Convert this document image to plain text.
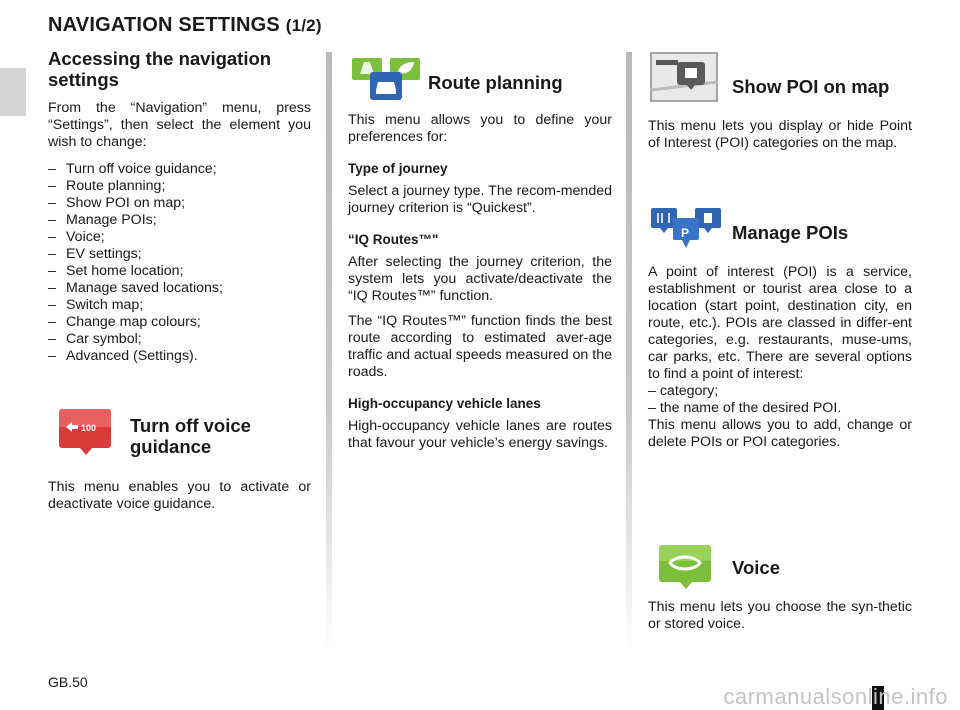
NAVIGATION SETTINGS (1/2)
Accessing the navigation settings

From the “Navigation” menu, press “Settings”, then select the element you wish to change:

– Turn off voice guidance;
– Route planning;
– Show POI on map;
– Manage POIs;
– Voice;
– EV settings;
– Set home location;
– Manage saved locations;
– Switch map;
– Change map colours;
– Car symbol;
– Advanced (Settings).
100 Turn off voice guidance

This menu enables you to activate or deactivate voice guidance.

Route planning

This menu allows you to define your preferences for:

Type of journey

Select a journey type. The recom-mended journey criterion is “Quickest”.

“IQ Routes™"

After selecting the journey criterion, the system lets you activate/deactivate the “IQ Routes™” function.

The “IQ Routes™” function finds the best route according to estimated aver-age traffic and actual speeds measured on the roads.

High-occupancy vehicle lanes

High-occupancy vehicle lanes are routes that favour your vehicle’s energy savings.

Show POI on map

This menu lets you display or hide Point of Interest (POI) categories on the map.

P Manage POIs

A point of interest (POI) is a service, establishment or tourist area close to a location (start point, destination city, en route, etc.). POIs are classed in differ-ent categories, e.g. restaurants, muse-ums, car parks, etc. There are several options to find a point of interest:

– category;
– the name of the desired POI.

This menu allows you to add, change or delete POIs or POI categories.

Voice

This menu lets you choose the syn-thetic or stored voice.

GB.50
carmanualsonline.info
